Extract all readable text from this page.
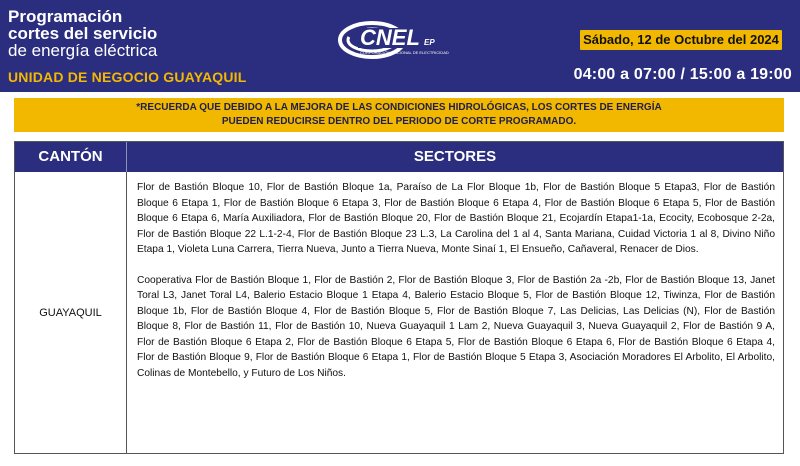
Programación
cortes del servicio
de energía eléctrica
UNIDAD DE NEGOCIO GUAYAQUIL
CNEL EP
CORPORACIÓN NACIONAL DE ELECTRICIDAD
Sábado, 12 de Octubre del 2024
04:00 a 07:00 / 15:00 a 19:00
*RECUERDA QUE DEBIDO A LA MEJORA DE LAS CONDICIONES HIDROLÓGICAS, LOS CORTES DE ENERGÍA
PUEDEN REDUCIRSE DENTRO DEL PERIODO DE CORTE PROGRAMADO.
CANTÓN	SECTORES
GUAYAQUIL

Flor de Bastión Bloque 10, Flor de Bastión Bloque 1a, Paraíso de La Flor Bloque 1b, Flor de Bastión Bloque 5 Etapa3, Flor de Bastión Bloque 6 Etapa 1, Flor de Bastión Bloque 6 Etapa 3, Flor de Bastión Bloque 6 Etapa 4, Flor de Bastión Bloque 6 Etapa 5, Flor de Bastión Bloque 6 Etapa 6, María Auxiliadora, Flor de Bastión Bloque 20, Flor de Bastión Bloque 21, Ecojardín Etapa1-1a, Ecocity, Ecobosque 2-2a, Flor de Bastión Bloque 22 L.1-2-4, Flor de Bastión Bloque 23 L.3, La Carolina del 1 al 4, Santa Mariana, Cuidad Victoria 1 al 8, Divino Niño Etapa 1, Violeta Luna Carrera, Tierra Nueva, Junto a Tierra Nueva, Monte Sinaí 1, El Ensueño, Cañaveral, Renacer de Dios.

Cooperativa Flor de Bastión Bloque 1, Flor de Bastión 2, Flor de Bastión Bloque 3, Flor de Bastión 2a -2b, Flor de Bastión Bloque 13, Janet Toral L3, Janet Toral L4, Balerio Estacio Bloque 1 Etapa 4, Balerio Estacio Bloque 5, Flor de Bastión Bloque 12, Tiwinza, Flor de Bastión Bloque 1b, Flor de Bastión Bloque 4, Flor de Bastión Bloque 5, Flor de Bastión Bloque 7, Las Delicias, Las Delicias (N), Flor de Bastión Bloque 8, Flor de Bastión 11, Flor de Bastión 10, Nueva Guayaquil 1 Lam 2, Nueva Guayaquil 3, Nueva Guayaquil 2, Flor de Bastión 9 A, Flor de Bastión Bloque 6 Etapa 2, Flor de Bastión Bloque 6 Etapa 5, Flor de Bastión Bloque 6 Etapa 6, Flor de Bastión Bloque 6 Etapa 4, Flor de Bastión Bloque 9, Flor de Bastión Bloque 6 Etapa 1, Flor de Bastión Bloque 5 Etapa 3, Asociación Moradores El Arbolito, El Arbolito, Colinas de Montebello, y Futuro de Los Niños.
